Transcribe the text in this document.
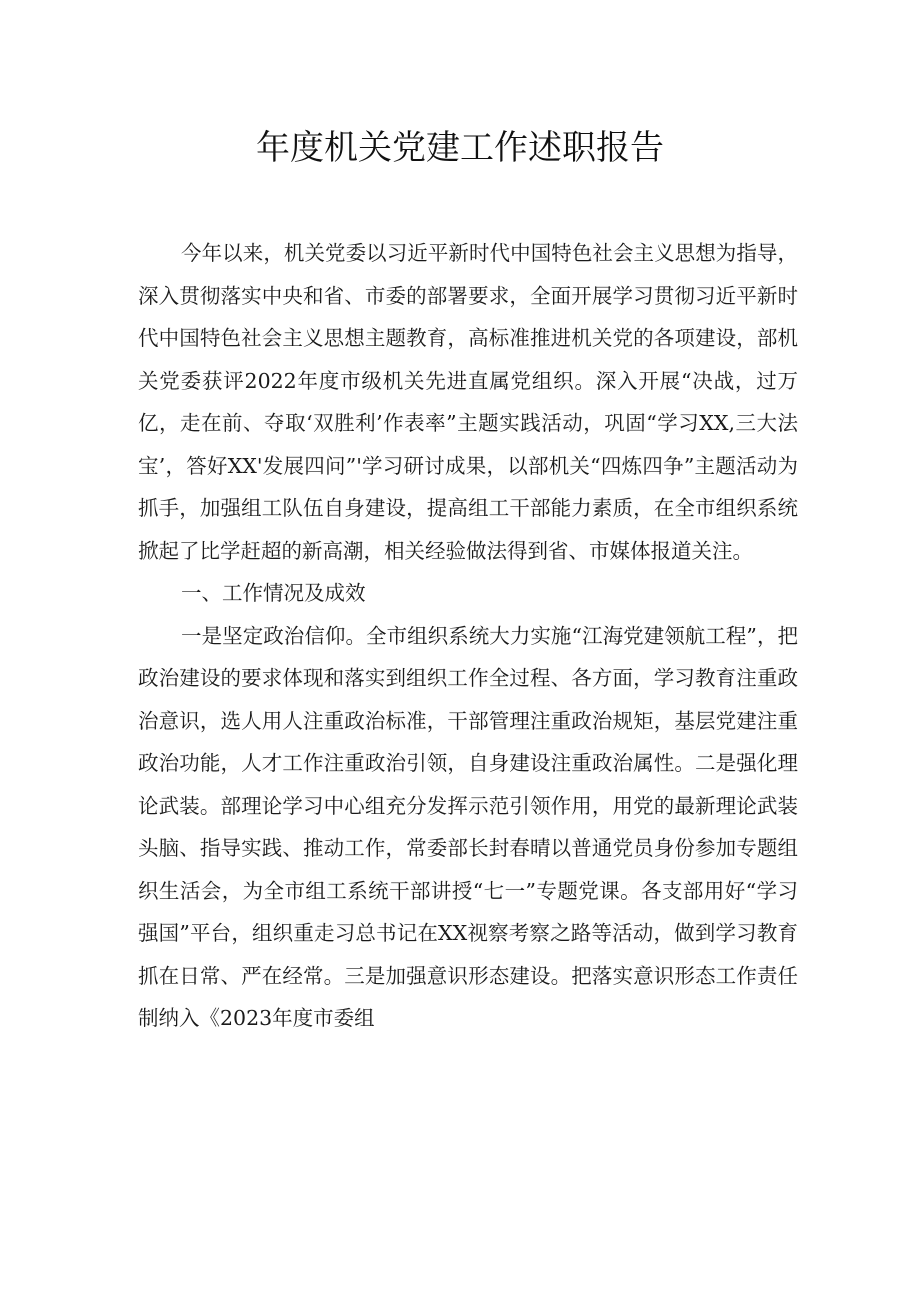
年度机关党建工作述职报告

今年以来，机关党委以习近平新时代中国特色社会主义思想为指导，深入贯彻落实中央和省、市委的部署要求，全面开展学习贯彻习近平新时代中国特色社会主义思想主题教育，高标准推进机关党的各项建设，部机关党委获评2022年度市级机关先进直属党组织。深入开展“决战，过万亿，走在前、夺取‘双胜利’作表率”主题实践活动，巩固“学习XX,三大法宝’，答好XX'发展四问”'学习研讨成果，以部机关“四炼四争”主题活动为抓手，加强组工队伍自身建设，提高组工干部能力素质，在全市组织系统掀起了比学赶超的新高潮，相关经验做法得到省、市媒体报道关注。

一、工作情况及成效

一是坚定政治信仰。全市组织系统大力实施“江海党建领航工程”，把政治建设的要求体现和落实到组织工作全过程、各方面，学习教育注重政治意识，选人用人注重政治标准，干部管理注重政治规矩，基层党建注重政治功能，人才工作注重政治引领，自身建设注重政治属性。二是强化理论武装。部理论学习中心组充分发挥示范引领作用，用党的最新理论武装头脑、指导实践、推动工作，常委部长封春晴以普通党员身份参加专题组织生活会，为全市组工系统干部讲授“七一”专题党课。各支部用好“学习强国”平台，组织重走习总书记在XX视察考察之路等活动，做到学习教育抓在日常、严在经常。三是加强意识形态建设。把落实意识形态工作责任制纳入《2023年度市委组
